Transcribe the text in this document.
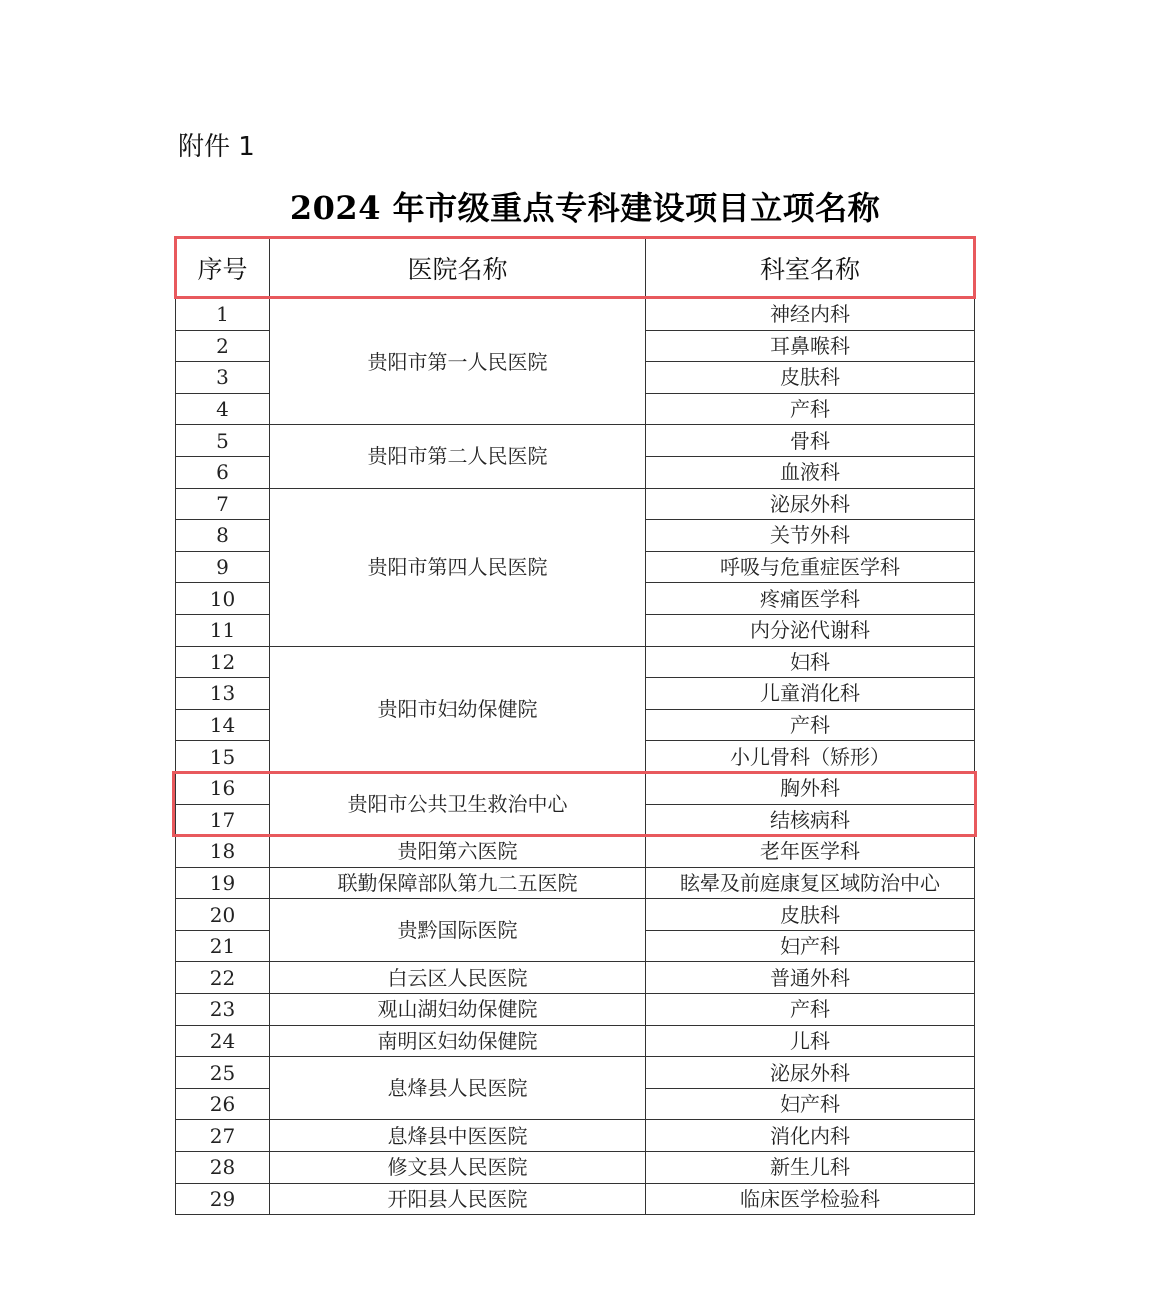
附件 1
2024 年市级重点专科建设项目立项名称
序号	医院名称	科室名称
1	贵阳市第一人民医院	神经内科
2		耳鼻喉科
3		皮肤科
4		产科
5	贵阳市第二人民医院	骨科
6		血液科
7	贵阳市第四人民医院	泌尿外科
8		关节外科
9		呼吸与危重症医学科
10		疼痛医学科
11		内分泌代谢科
12	贵阳市妇幼保健院	妇科
13		儿童消化科
14		产科
15		小儿骨科（矫形）
16	贵阳市公共卫生救治中心	胸外科
17		结核病科
18	贵阳第六医院	老年医学科
19	联勤保障部队第九二五医院	眩晕及前庭康复区域防治中心
20	贵黔国际医院	皮肤科
21		妇产科
22	白云区人民医院	普通外科
23	观山湖妇幼保健院	产科
24	南明区妇幼保健院	儿科
25	息烽县人民医院	泌尿外科
26		妇产科
27	息烽县中医医院	消化内科
28	修文县人民医院	新生儿科
29	开阳县人民医院	临床医学检验科
